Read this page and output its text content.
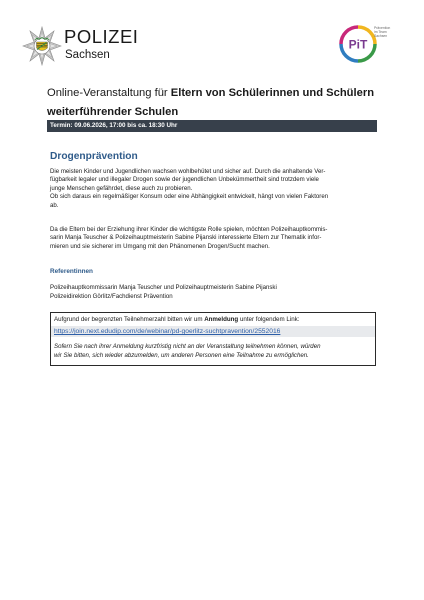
POLIZEI
Sachsen
PiT
Prävention
im Team
Sachsen
Online-Veranstaltung für Eltern von Schülerinnen und Schülern
weiterführender Schulen
Termin: 09.06.2026, 17:00 bis ca. 18:30 Uhr
Drogenprävention
Die meisten Kinder und Jugendlichen wachsen wohlbehütet und sicher auf. Durch die anhaltende Ver-
fügbarkeit legaler und illegaler Drogen sowie der jugendlichen Unbekümmertheit sind trotzdem viele
junge Menschen gefährdet, diese auch zu probieren.
Ob sich daraus ein regelmäßiger Konsum oder eine Abhängigkeit entwickelt, hängt von vielen Faktoren
ab.
Da die Eltern bei der Erziehung ihrer Kinder die wichtigste Rolle spielen, möchten Polizeihauptkommis-
sarin Manja Teuscher & Polizeihauptmeisterin Sabine Pijanski interessierte Eltern zur Thematik infor-
mieren und sie sicherer im Umgang mit den Phänomenen Drogen/Sucht machen.
Referentinnen
Polizeihauptkommissarin Manja Teuscher und Polizeihauptmeisterin Sabine Pijanski
Polizeidirektion Görlitz/Fachdienst Prävention
Aufgrund der begrenzten Teilnehmerzahl bitten wir um Anmeldung unter folgendem Link:
https://join.next.edudip.com/de/webinar/pd-goerlitz-suchtpravention/2552016
Sofern Sie nach ihrer Anmeldung kurzfristig nicht an der Veranstaltung teilnehmen können, würden
wir Sie bitten, sich wieder abzumelden, um anderen Personen eine Teilnahme zu ermöglichen.
